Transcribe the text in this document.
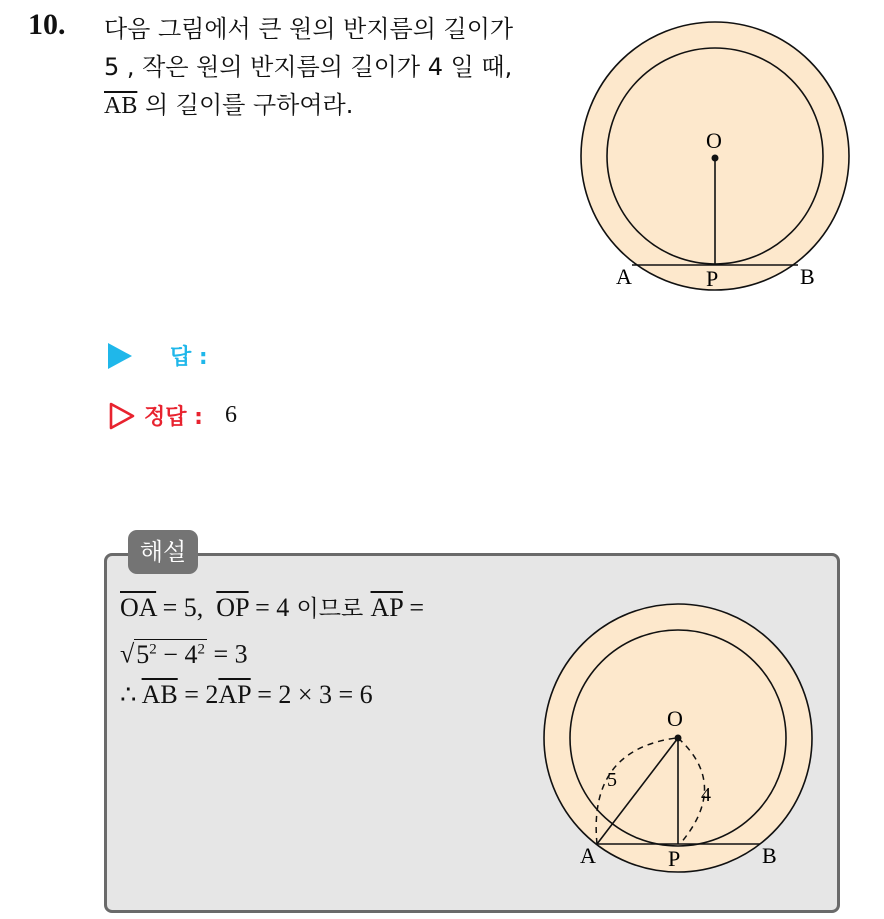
10. 다음 그림에서 큰 원의 반지름의 길이가
5 , 작은 원의 반지름의 길이가 4 일 때,
$\overline{AB}$ 의 길이를 구하여라.
O
A	P	B
답 :
정답 : 6
해설
$\overline{OA} = 5$, $\overline{OP} = 4$ 이므로 $\overline{AP}$ =
$√5^2 - 4^2 = 3$
∴ $\overline{AB} = 2\overline{AP} = 2 \times 3 = 6$
O
5
4
A	P	B
